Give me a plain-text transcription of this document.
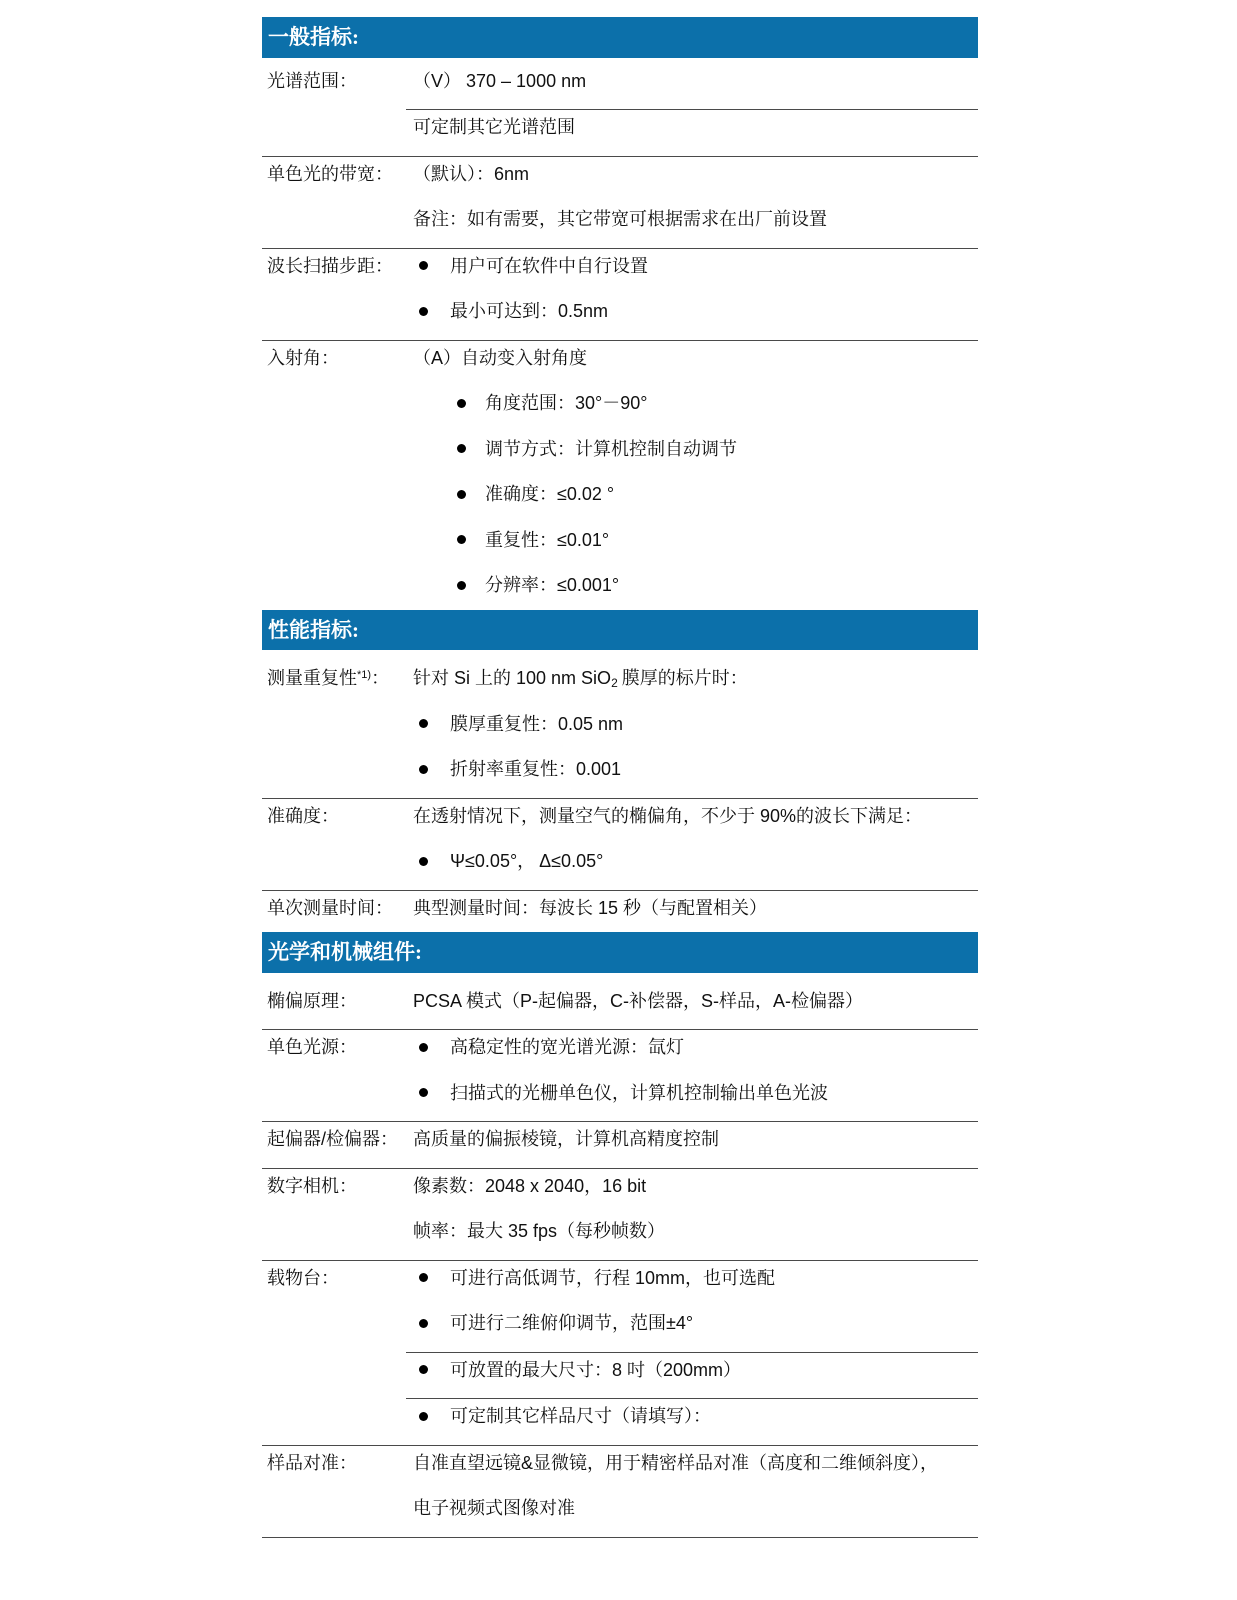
一般指标:
光谱范围：	（V） 370 – 1000 nm
可定制其它光谱范围
单色光的带宽：	（默认）：6nm
备注：如有需要，其它带宽可根据需求在出厂前设置
波长扫描步距：	用户可在软件中自行设置
最小可达到：0.5nm
入射角：	（A）自动变入射角度
角度范围：30°－90°
调节方式：计算机控制自动调节
准确度：≤0.02 °
重复性：≤0.01°
分辨率：≤0.001°
性能指标:
测量重复性$^{*1)}$：	针对 Si 上的 100 nm SiO$_2$ 膜厚的标片时：
膜厚重复性：0.05 nm
折射率重复性：0.001
准确度：	在透射情况下，测量空气的椭偏角，不少于 90%的波长下满足：
Ψ≤0.05°， Δ≤0.05°
单次测量时间：	典型测量时间：每波长 15 秒（与配置相关）
光学和机械组件:
椭偏原理：	PCSA 模式（P-起偏器，C-补偿器，S-样品，A-检偏器）
单色光源：	高稳定性的宽光谱光源：氙灯
扫描式的光栅单色仪，计算机控制输出单色光波
起偏器/检偏器： 高质量的偏振棱镜，计算机高精度控制
数字相机：	像素数：2048 x 2040，16 bit
帧率：最大 35 fps（每秒帧数）
载物台：	可进行高低调节，行程 10mm，也可选配
可进行二维俯仰调节，范围±4°
可放置的最大尺寸：8 吋（200mm）
可定制其它样品尺寸（请填写）：
样品对准：	自准直望远镜&显微镜，用于精密样品对准（高度和二维倾斜度），
电子视频式图像对准
